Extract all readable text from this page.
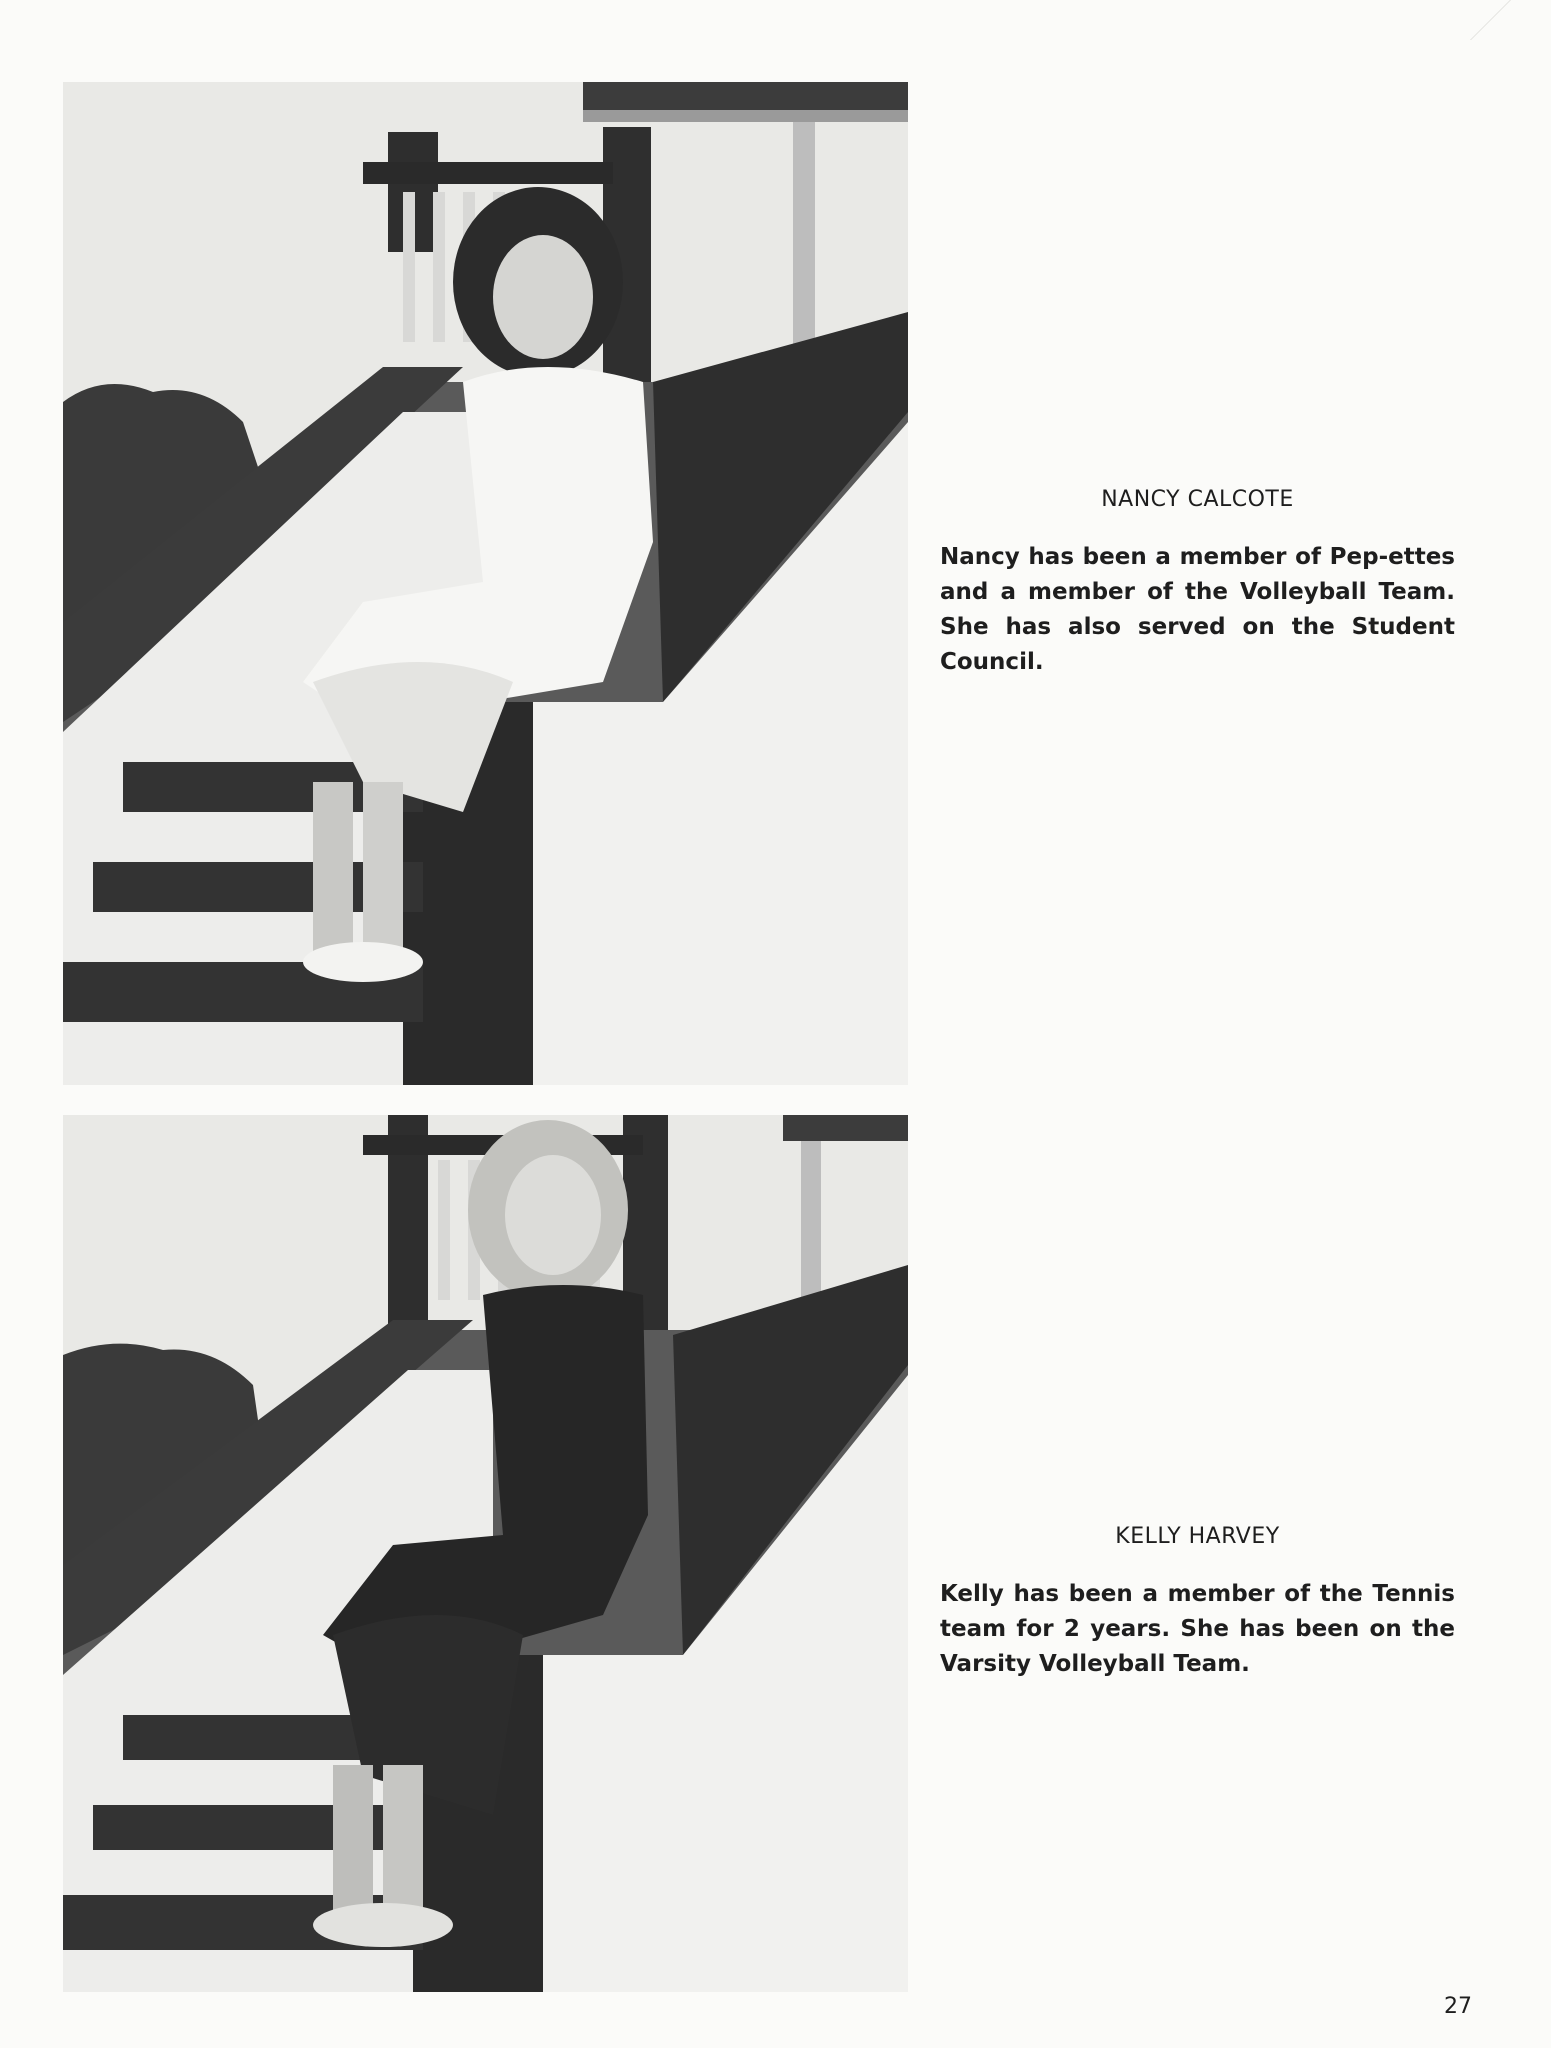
NANCY CALCOTE

Nancy has been a member of Pep-ettes and a member of the Volleyball Team. She has also served on the Student Council.

KELLY HARVEY

Kelly has been a member of the Tennis team for 2 years. She has been on the Varsity Volleyball Team.

27
